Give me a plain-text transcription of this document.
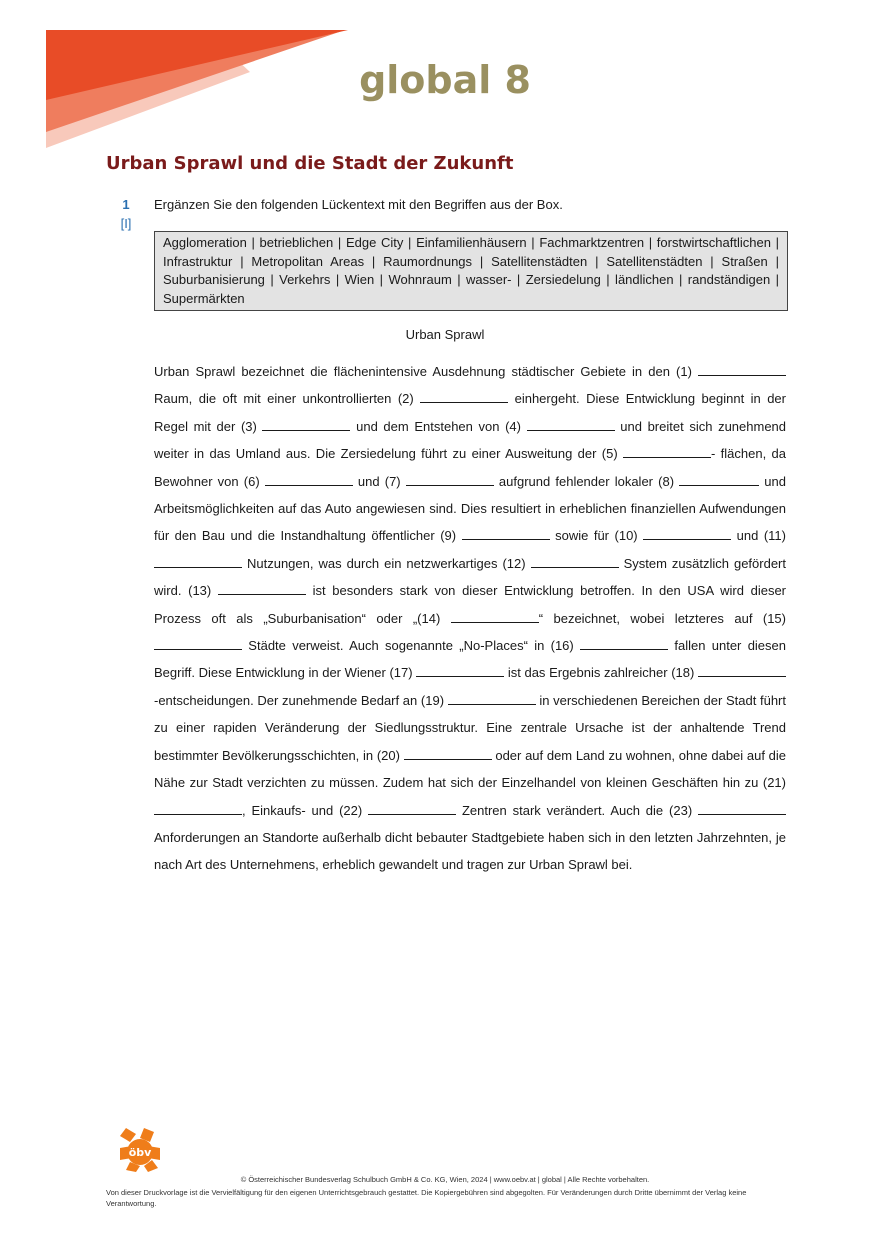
global 8
Urban Sprawl und die Stadt der Zukunft
1
[I]
Ergänzen Sie den folgenden Lückentext mit den Begriffen aus der Box.
Agglomeration | betrieblichen | Edge City | Einfamilienhäusern | Fachmarktzentren | forstwirtschaftlichen | Infrastruktur | Metropolitan Areas | Raumordnungs | Satellitenstädten | Satellitenstädten | Straßen | Suburbanisierung | Verkehrs | Wien | Wohnraum | wasser- | Zersiedelung | ländlichen | randständigen | Supermärkten
Urban Sprawl

Urban Sprawl bezeichnet die flächenintensive Ausdehnung städtischer Gebiete in den (1)  Raum, die oft mit einer unkontrollierten (2)	einhergeht. Diese Entwicklung beginnt in der Regel mit der (3)	und dem Entstehen von (4)	und breitet sich zunehmend weiter in das Umland aus. Die Zersiedelung führt zu einer Ausweitung der (5)	- flächen, da Bewohner von (6)	und (7)	aufgrund fehlender lokaler (8)	und Arbeitsmöglichkeiten auf das Auto angewiesen sind. Dies resultiert in erheblichen finanziellen Aufwendungen für den Bau und die Instandhaltung öffentlicher (9)	sowie für (10)	und (11)  Nutzungen, was durch ein netzwerkartiges (12)	System zusätzlich gefördert wird. (13)	ist besonders stark von dieser Entwicklung betroffen. In den USA wird dieser Prozess oft als „Suburbanisation“ oder „(14)	“ bezeichnet, wobei letzteres auf (15)  Städte verweist. Auch sogenannte „No-Places“ in (16)	fallen unter diesen Begriff. Diese Entwicklung in der Wiener (17)	ist das Ergebnis zahlreicher (18)  -entscheidungen. Der zunehmende Bedarf an (19)	in verschiedenen Bereichen der Stadt führt zu einer rapiden Veränderung der Siedlungsstruktur. Eine zentrale Ursache ist der anhaltende Trend bestimmter Bevölkerungsschichten, in (20)	oder auf dem Land zu wohnen, ohne dabei auf die Nähe zur Stadt verzichten zu müssen. Zudem hat sich der Einzelhandel von kleinen Geschäften hin zu (21) , Einkaufs- und (22)	Zentren stark verändert. Auch die (23)  Anforderungen an Standorte außerhalb dicht bebauter Stadtgebiete haben sich in den letzten Jahrzehnten, je nach Art des Unternehmens, erheblich gewandelt und tragen zur Urban Sprawl bei.

öbv
© Österreichischer Bundesverlag Schulbuch GmbH & Co. KG, Wien, 2024 | www.oebv.at | global | Alle Rechte vorbehalten.
Von dieser Druckvorlage ist die Vervielfältigung für den eigenen Unterrichtsgebrauch gestattet. Die Kopiergebühren sind abgegolten. Für Veränderungen durch Dritte übernimmt der Verlag keine Verantwortung.
